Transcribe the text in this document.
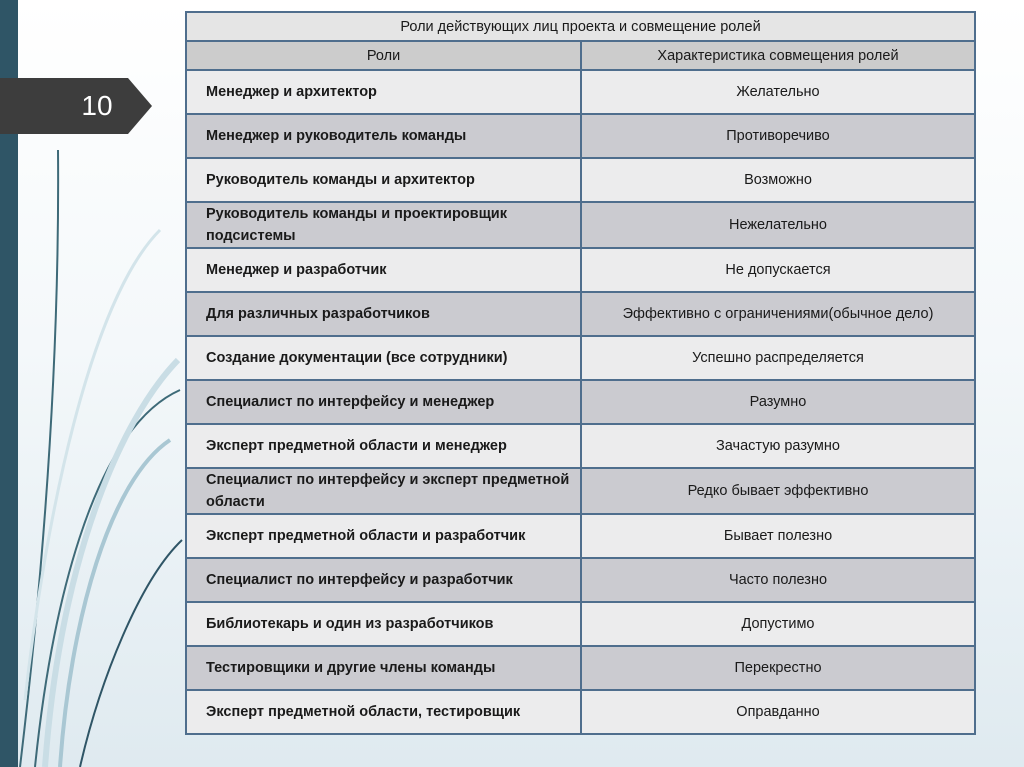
10
Роли действующих лиц проекта и совмещение ролей	
Роли	Характеристика совмещения ролей
Менеджер и архитектор	Желательно
Менеджер и руководитель команды	Противоречиво
Руководитель команды и архитектор	Возможно
Руководитель команды и проектировщик подсистемы	Нежелательно
Менеджер и разработчик	Не допускается
Для различных разработчиков	Эффективно с ограничениями(обычное дело)
Создание документации (все сотрудники)	Успешно распределяется
Специалист по интерфейсу и менеджер	Разумно
Эксперт предметной области и менеджер	Зачастую разумно
Специалист по интерфейсу и эксперт предметной области	Редко бывает эффективно
Эксперт предметной области и разработчик	Бывает полезно
Специалист по интерфейсу и разработчик	Часто полезно
Библиотекарь и один из разработчиков	Допустимо
Тестировщики и другие члены команды	Перекрестно
Эксперт предметной области, тестировщик	Оправданно
